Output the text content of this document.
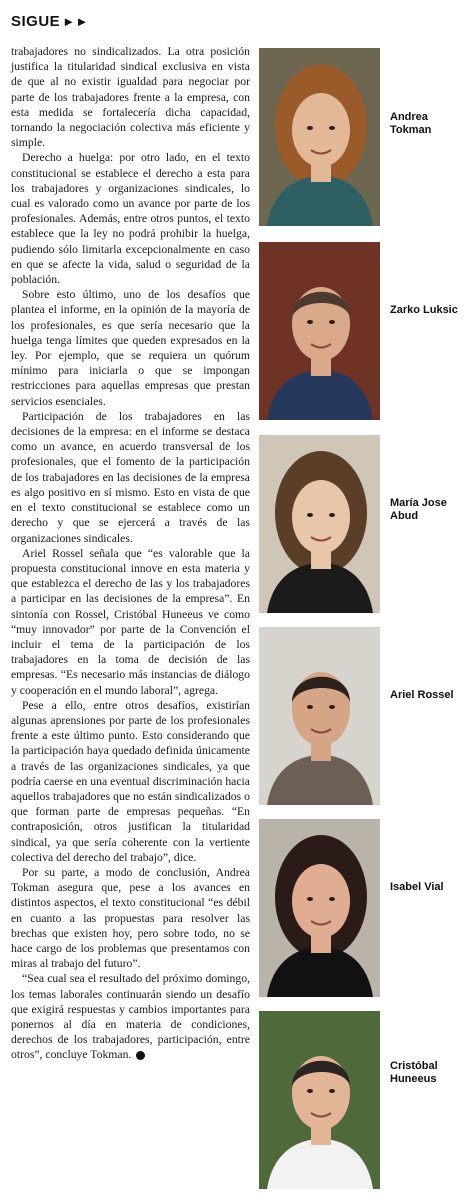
SIGUE ►►

trabajadores no sindicalizados. La otra posición justifica la titularidad sindical exclusiva en vista de que al no existir igualdad para negociar por parte de los trabajadores frente a la empresa, con esta medida se fortalecería dicha capacidad, tornando la negociación colectiva más eficiente y simple.

Derecho a huelga: por otro lado, en el texto constitucional se establece el derecho a esta para los trabajadores y organizaciones sindicales, lo cual es valorado como un avance por parte de los profesionales. Además, entre otros puntos, el texto establece que la ley no podrá prohibir la huelga, pudiendo sólo limitarla excepcionalmente en caso en que se afecte la vida, salud o seguridad de la población.

Sobre esto último, uno de los desafíos que plantea el informe, en la opinión de la mayoría de los profesionales, es que sería necesario que la huelga tenga límites que queden expresados en la ley. Por ejemplo, que se requiera un quórum mínimo para iniciarla o que se impongan restricciones para aquellas empresas que prestan servicios esenciales.

Participación de los trabajadores en las decisiones de la empresa: en el informe se destaca como un avance, en acuerdo transversal de los profesionales, que el fomento de la participación de los trabajadores en las decisiones de la empresa es algo positivo en sí mismo. Esto en vista de que en el texto constitucional se establece como un derecho y que se ejercerá a través de las organizaciones sindicales.

Ariel Rossel señala que “es valorable que la propuesta constitucional innove en esta materia y que establezca el derecho de las y los trabajadores a participar en las decisiones de la empresa”. En sintonía con Rossel, Cristóbal Huneeus ve como “muy innovador” por parte de la Convención el incluir el tema de la participación de los trabajadores en la toma de decisión de las empresas. “Es necesario más instancias de diálogo y cooperación en el mundo laboral”, agrega.

Pese a ello, entre otros desafíos, existirían algunas aprensiones por parte de los profesionales frente a este último punto. Esto considerando que la participación haya quedado definida únicamente a través de las organizaciones sindicales, ya que podría caerse en una eventual discriminación hacia aquellos trabajadores que no están sindicalizados o que forman parte de empresas pequeñas. “En contraposición, otros justifican la titularidad sindical, ya que sería coherente con la vertiente colectiva del derecho del trabajo”, dice.

Por su parte, a modo de conclusión, Andrea Tokman asegura que, pese a los avances en distintos aspectos, el texto constitucional “es débil en cuanto a las propuestas para resolver las brechas que existen hoy, pero sobre todo, no se hace cargo de los problemas que presentamos con miras al trabajo del futuro”.

“Sea cual sea el resultado del próximo domingo, los temas laborales continuarán siendo un desafío que exigirá respuestas y cambios importantes para ponernos al día en materia de condiciones, derechos de los trabajadores, participación, entre otros”, concluye Tokman. P

Andrea
Tokman
Zarko Luksic
María Jose
Abud
Ariel Rossel
Isabel Vial
Cristóbal
Huneeus
